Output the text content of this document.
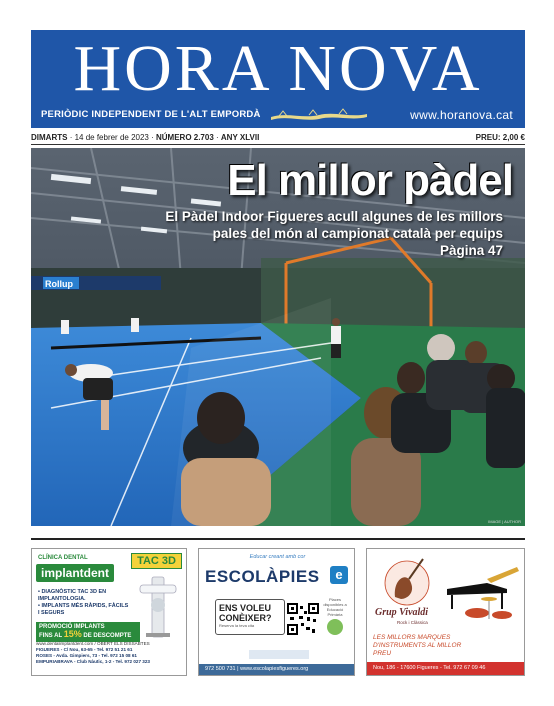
HORA NOVA
PERIÒDIC INDEPENDENT DE L'ALT EMPORDÀ	www.horanova.cat
DIMARTS · 14 de febrer de 2023 · NÚMERO 2.703 · ANY XLVII	PREU: 2,00 €
Rollup
El millor pàdel
El Pàdel Indoor Figueres acull algunes de les millors pales del món al campionat català per equips
Pàgina 47
IMAGE | AUTHOR
CLÍNICA DENTAL
implantdent
TAC 3D
• DIAGNÒSTIC TAC 3D EN IMPLANTOLOGIA.
• IMPLANTS MÉS RÀPIDS, FÀCILS I SEGURS
PROMOCIÓ IMPLANTS
FINS AL 15% DE DESCOMPTE
www.dentalimplantdent.com / OBERT ELS DISSABTES
FIGUERES - C/ Nou, 63-65 - Tel. 972 51 21 61
ROSES - Avda. Gimpiers, 73 - Tel. 972 15 08 61
EMPURIABRAVA - Club Nàutic, 1-2 - Tel. 972 027 323
Educar creant amb cor
ESCOLÀPIES	e
ENS VOLEU CONÈIXER?
Reserva la teva cita
Places disponibles a Educació Primària
972 500 731 | www.escolapiesfigueres.org
Grup Vivaldi
Rock i Clàssica
LES MILLORS MARQUES D'INSTRUMENTS AL MILLOR PREU
Nou, 186 - 17600 Figueres - Tel. 972 67 09 46
